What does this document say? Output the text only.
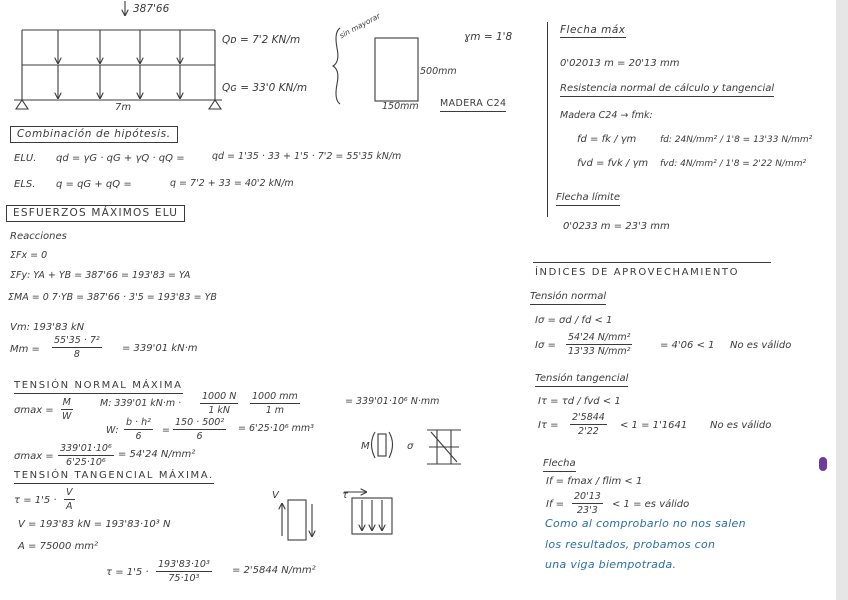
387'66
Qᴅ = 7'2 KN/m
Qɢ = 33'0 KN/m
7m
sin mayorar
500mm
150mm MADERA C24
ɣm = 1'8
Combinación de hipótesis.
ELU. qd = γG · qG + γQ · qQ =	qd = 1'35 · 33 + 1'5 · 7'2 = 55'35 kN/m
ELS. q = qG + qQ =	q = 7'2 + 33 = 40'2 kN/m
ESFUERZOS MÁXIMOS ELU
Reacciones
ΣFx = 0
ΣFy: YA + YB = 387'66 = 193'83 = YA
ΣMA = 0 7·YB = 387'66 · 3'5 = 193'83 = YB
Vm: 193'83 kN
$Mm = \frac{\text{55'35 · 7²}}{8} = 339'01$ kN·m
TENSIÓN NORMAL MÁXIMA
$\sigma\max = \frac{M}{W}$	M: 339'01 $kN\cdot m \cdot \frac{1000 N}{1 kN} \frac{1000 mm}{1 m}$	= 339'01·10⁶ N·mm
W: $\frac{\text{b · h²}}{6} = \frac{\text{150 · 500²}}{6} = 6'25\cdot 10^6$ mm³
$\sigma\max = \frac{\text{339'01·10⁶}}{\text{6'25·10⁶}} = 54'24$ N/mm²
M	σ
TENSIÓN TANGENCIAL MÁXIMA.
$\tau = 1'5 \cdot \frac{V}{A}$
V = 193'83 kN = 193'83·10³ N
A = 75000 mm²
$\tau = 1'5 \cdot \frac{\text{193'83·10³}}{\text{75·10³}} = 2'5844$ N/mm²
V	τ
Flecha máx
0'02013 m = 20'13 mm
Resistencia normal de cálculo y tangencial
Madera C24 → fmk:
fd = fk / γm	fd: 24N/mm² / 1'8 = 13'33 N/mm²
fvd = fvk / γm fvd: 4N/mm² / 1'8 = 2'22 N/mm²
Flecha límite
0'0233 m = 23'3 mm
ÍNDICES DE APROVECHAMIENTO
Tensión normal
Iσ = σd / fd < 1
$I\sigma = \frac{\text{54'24 N/mm²}}{\text{13'33 N/mm²}}$	= 4'06 < 1 No es válido
Tensión tangencial
Iτ = τd / fvd < 1
$I\tau = \frac{2'5844}{2'22} < 1 = 1'1641$ No es válido
Flecha
If = fmax / flim < 1
$If = \frac{20'13}{23'3} < 1$ = es válido
Como al comprobarlo no nos salen
los resultados, probamos con
una viga biempotrada.
